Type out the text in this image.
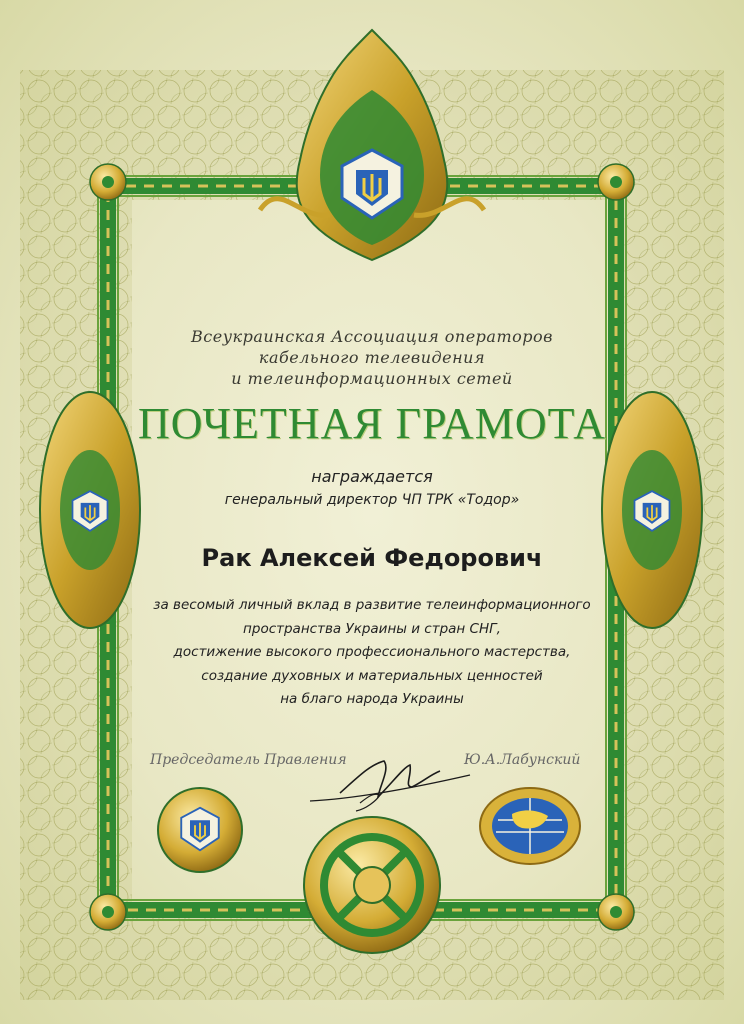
Всеукраинская Ассоциация операторов
кабельного телевидения
и телеинформационных сетей
ПОЧЕТНАЯ ГРАМОТА
награждается
генеральный директор ЧП ТРК «Тодор»
Рак Алексей Федорович
за весомый личный вклад в развитие телеинформационного
пространства Украины и стран СНГ,
достижение высокого профессионального мастерства,
создание духовных и материальных ценностей
на благо народа Украины
Председатель Правления	Ю.А.Лабунский
